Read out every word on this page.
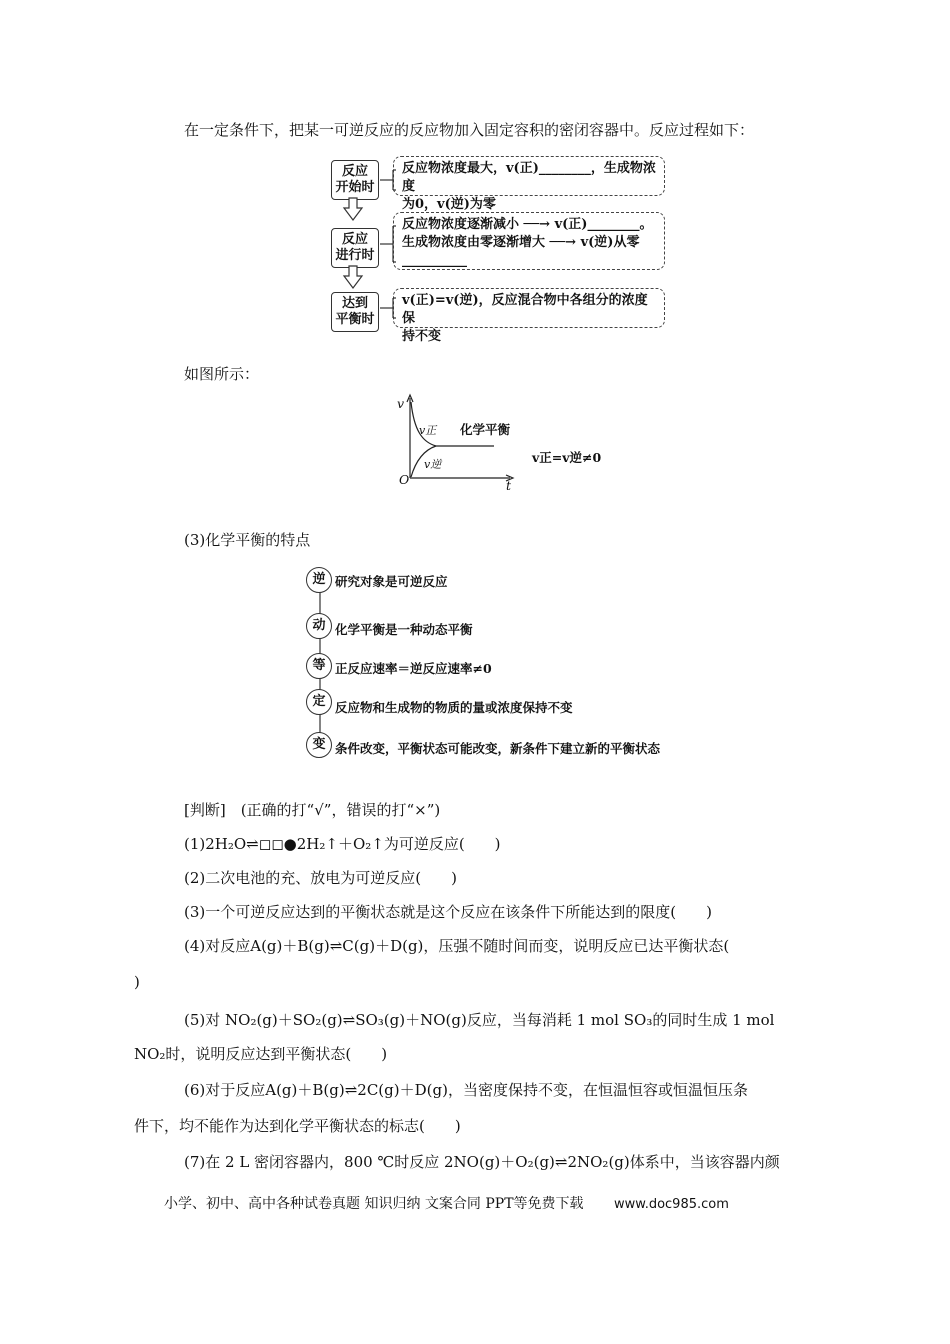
在一定条件下，把某一可逆反应的反应物加入固定容积的密闭容器中。反应过程如下：
反应
开始时
反应物浓度最大，v(正)________，生成物浓度
为0，v(逆)为零
反应
进行时
反应物浓度逐渐减小 ──→ v(正)________。
生成物浓度由零逐渐增大 ──→ v(逆)从零
__________
达到
平衡时
v(正)=v(逆)，反应混合物中各组分的浓度保
持不变
如图所示：
v
t
O
v正
v逆
化学平衡
v正=v逆≠0
(3)化学平衡的特点
逆 研究对象是可逆反应
动 化学平衡是一种动态平衡
等 正反应速率＝逆反应速率≠0
定 反应物和生成物的物质的量或浓度保持不变
变 条件改变，平衡状态可能改变，新条件下建立新的平衡状态
[判断]　(正确的打“√”，错误的打“×”)
(1)2H₂O⇌◻◻●2H₂↑＋O₂↑为可逆反应(　　)
(2)二次电池的充、放电为可逆反应(　　)
(3)一个可逆反应达到的平衡状态就是这个反应在该条件下所能达到的限度(　　)
(4)对反应A(g)＋B(g)⇌C(g)＋D(g)，压强不随时间而变，说明反应已达平衡状态(
)
(5)对 NO₂(g)＋SO₂(g)⇌SO₃(g)＋NO(g)反应，当每消耗 1 mol SO₃的同时生成 1 mol
NO₂时，说明反应达到平衡状态(　　)
(6)对于反应A(g)＋B(g)⇌2C(g)＋D(g)，当密度保持不变，在恒温恒容或恒温恒压条
件下，均不能作为达到化学平衡状态的标志(　　)
(7)在 2 L 密闭容器内，800 ℃时反应 2NO(g)＋O₂(g)⇌2NO₂(g)体系中，当该容器内颜
小学、初中、高中各种试卷真题 知识归纳 文案合同 PPT等免费下载 www.doc985.com
